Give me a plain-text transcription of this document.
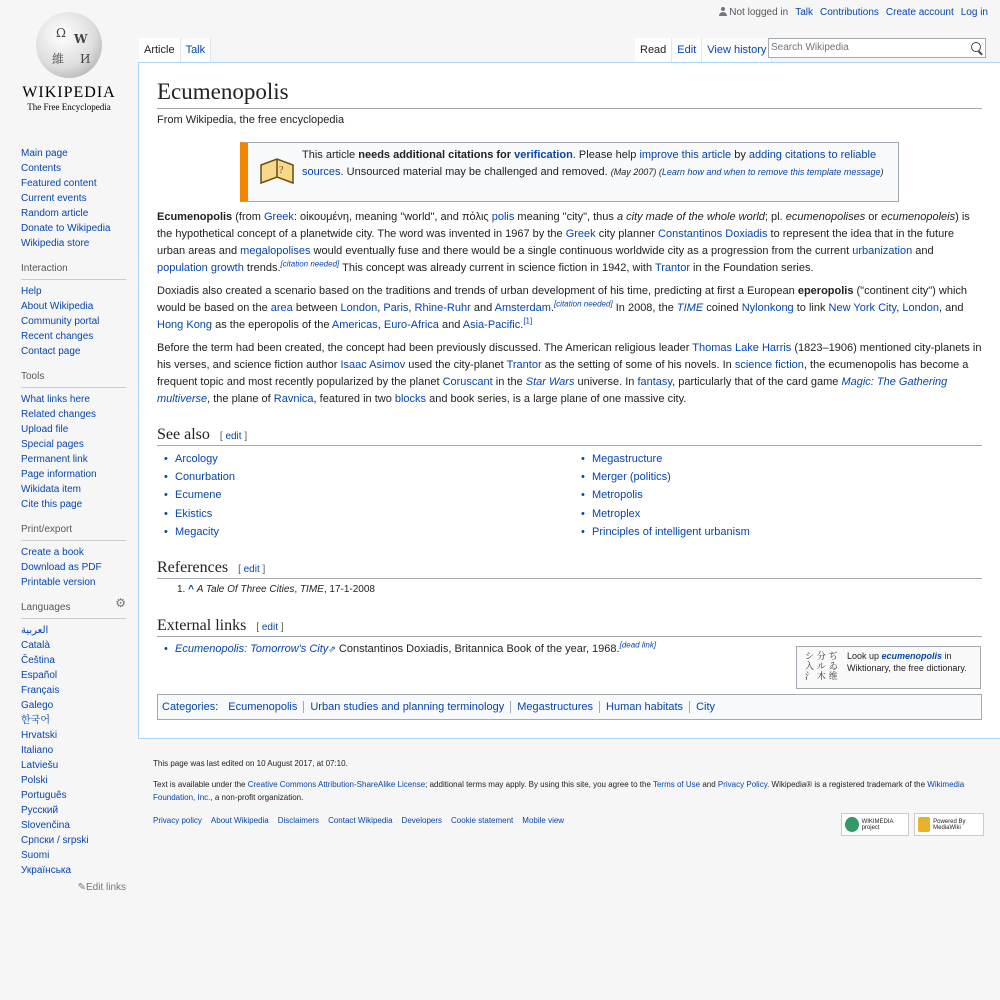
Not logged in Talk Contributions Create account Log in
Ω W
И
維
WIKIPEDIA
The Free Encyclopedia
Main page
Contents
Featured content
Current events
Random article
Donate to Wikipedia
Wikipedia store
Interaction
Help
About Wikipedia
Community portal
Recent changes
Contact page
Tools
What links here
Related changes
Upload file
Special pages
Permanent link
Page information
Wikidata item
Cite this page
Print/export
Create a book
Download as PDF
Printable version
Languages	⚙
العربية
Català
Čeština
Español
Français
Galego
한국어
Hrvatski
Italiano
Latviešu
Polski
Português
Русский
Slovenčina
Српски / srpski
Suomi
Українська
✎Edit links
Article	Talk	Read	Edit	View history
Search Wikipedia
Ecumenopolis
From Wikipedia, the free encyclopedia
?
This article needs additional citations for verification. Please help improve this article by adding citations to reliable sources. Unsourced material may be challenged and removed. (May 2007) (Learn how and when to remove this template message)

Ecumenopolis (from Greek: οἰκουμένη, meaning "world", and πόλις polis meaning "city", thus a city made of the whole world; pl. ecumenopolises or ecumenopoleis) is the hypothetical concept of a planetwide city. The word was invented in 1967 by the Greek city planner Constantinos Doxiadis to represent the idea that in the future urban areas and megalopolises would eventually fuse and there would be a single continuous worldwide city as a progression from the current urbanization and population growth trends.[citation needed] This concept was already current in science fiction in 1942, with Trantor in the Foundation series.

Doxiadis also created a scenario based on the traditions and trends of urban development of his time, predicting at first a European eperopolis ("continent city") which would be based on the area between London, Paris, Rhine-Ruhr and Amsterdam.[citation needed] In 2008, the TIME coined Nylonkong to link New York City, London, and Hong Kong as the eperopolis of the Americas, Euro-Africa and Asia-Pacific.[1]

Before the term had been created, the concept had been previously discussed. The American religious leader Thomas Lake Harris (1823–1906) mentioned city-planets in his verses, and science fiction author Isaac Asimov used the city-planet Trantor as the setting of some of his novels. In science fiction, the ecumenopolis has become a frequent topic and most recently popularized by the planet Coruscant in the Star Wars universe. In fantasy, particularly that of the card game Magic: The Gathering multiverse, the plane of Ravnica, featured in two blocks and book series, is a large plane of one massive city.

See also [ edit ]
• Arcology
• Conurbation
• Ecumene
• Ekistics
• Megacity
• Megastructure
• Merger (politics)
• Metropolis
• Metroplex
• Principles of intelligent urbanism
References [ edit ]
1. ^ A Tale Of Three Cities, TIME, 17-1-2008
External links [ edit ]
• Ecumenopolis: Tomorrow's City⇗ Constantinos Doxiadis, Britannica Book of the year, 1968.[dead link]
シ 分 ぢ 入 ル ゐ 氵 木 维
Look up ecumenopolis in Wiktionary, the free dictionary.
Categories : Ecumenopolis	Urban studies and planning terminology	Megastructures	Human habitats	City

This page was last edited on 10 August 2017, at 07:10.

Text is available under the Creative Commons Attribution-ShareAlike License; additional terms may apply. By using this site, you agree to the Terms of Use and Privacy Policy. Wikipedia® is a registered trademark of the Wikimedia Foundation, Inc., a non-profit organization.

Privacy policy About Wikipedia Disclaimers Contact Wikipedia Developers Cookie statement Mobile view	WIKIMEDIA project
Powered By MediaWiki
